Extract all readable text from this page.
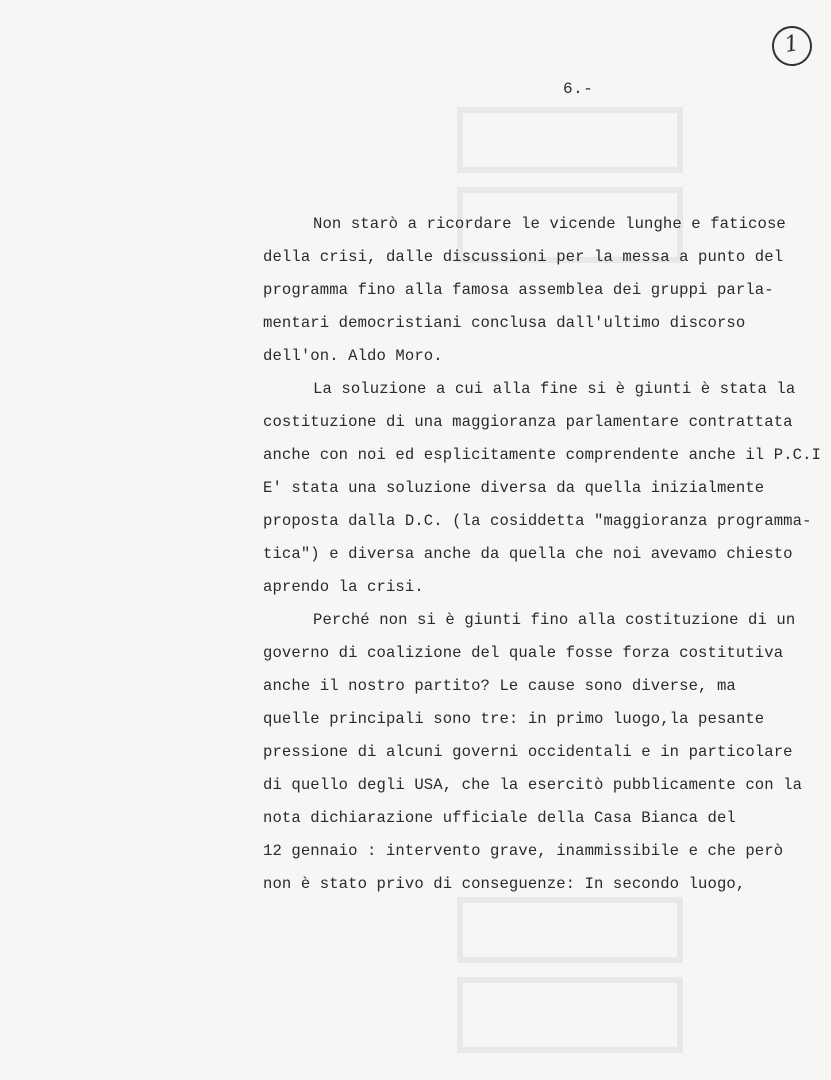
1
6.-
Non starò a ricordare le vicende lunghe e faticose
della crisi, dalle discussioni per la messa a punto del
programma fino alla famosa assemblea dei gruppi parla-
mentari democristiani conclusa dall'ultimo discorso
dell'on. Aldo Moro.
La soluzione a cui alla fine si è giunti è stata la
costituzione di una maggioranza parlamentare contrattata
anche con noi ed esplicitamente comprendente anche il P.C.I
E' stata una soluzione diversa da quella inizialmente
proposta dalla D.C. (la cosiddetta "maggioranza programma-
tica") e diversa anche da quella che noi avevamo chiesto
aprendo la crisi.
Perché non si è giunti fino alla costituzione di un
governo di coalizione del quale fosse forza costitutiva
anche il nostro partito? Le cause sono diverse, ma
quelle principali sono tre: in primo luogo,la pesante
pressione di alcuni governi occidentali e in particolare
di quello degli USA, che la esercitò pubblicamente con la
nota dichiarazione ufficiale della Casa Bianca del
12 gennaio : intervento grave, inammissibile e che però
non è stato privo di conseguenze: In secondo luogo,
